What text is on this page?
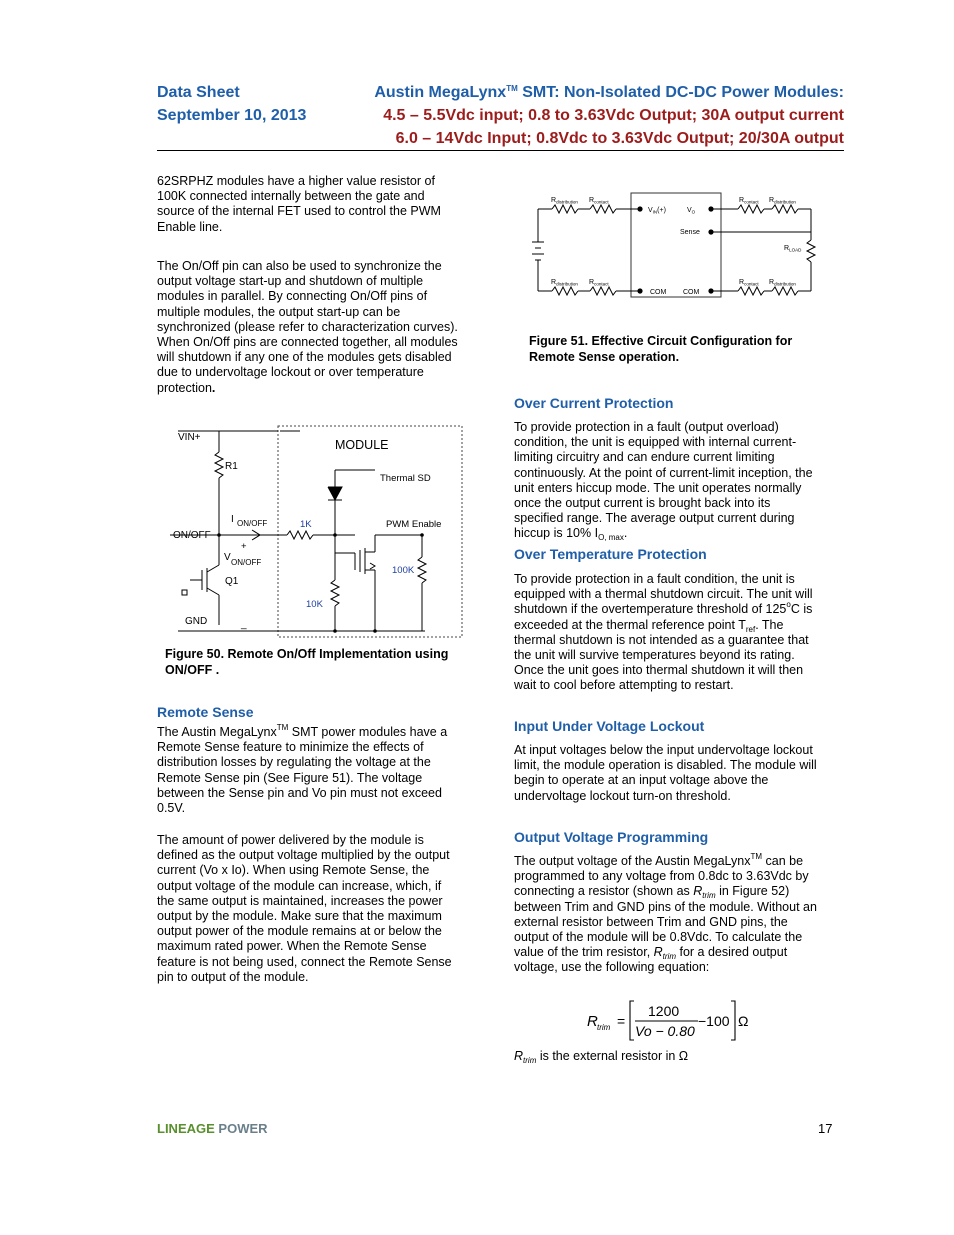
Data Sheet
September 10, 2013
Austin MegaLynx™ SMT: Non-Isolated DC-DC Power Modules:
4.5 – 5.5Vdc input; 0.8 to 3.63Vdc Output; 30A output current
6.0 – 14Vdc Input; 0.8Vdc to 3.63Vdc Output; 20/30A output

62SRPHZ modules have a higher value resistor of 100K connected internally between the gate and source of the internal FET used to control the PWM Enable line.

The On/Off pin can also be used to synchronize the output voltage start-up and shutdown of multiple modules in parallel. By connecting On/Off pins of multiple modules, the output start-up can be synchronized (please refer to characterization curves). When On/Off pins are connected together, all modules will shutdown if any one of the modules gets disabled due to undervoltage lockout or over temperature protection.

VIN+
R1
MODULE
Thermal SD
I ON/OFF	1K	PWM Enable
ON/OFF
+
V ON/OFF
100K
Q1
10K
GND	_
Figure 50. Remote On/Off Implementation using ON/OFF .
Remote Sense

The Austin MegaLynx™ SMT power modules have a Remote Sense feature to minimize the effects of distribution losses by regulating the voltage at the Remote Sense pin (See Figure 51). The voltage between the Sense pin and Vo pin must not exceed 0.5V.

The amount of power delivered by the module is defined as the output voltage multiplied by the output current (Vo x Io). When using Remote Sense, the output voltage of the module can increase, which, if the same output is maintained, increases the power output by the module. Make sure that the maximum output power of the module remains at or below the maximum rated power. When the Remote Sense feature is not being used, connect the Remote Sense pin to output of the module.

$R_{distribution}$ $R_{contact}$
$V_{IN}(+)$	$V_O$
Sense
$R_{contact}$ $R_{distribution}$
$R_{LOAD}$
$R_{distribution}$ $R_{contact}$
COM COM
$R_{contact}$ $R_{distribution}$
Figure 51. Effective Circuit Configuration for Remote Sense operation.
Over Current Protection

To provide protection in a fault (output overload) condition, the unit is equipped with internal current-limiting circuitry and can endure current limiting continuously. At the point of current-limit inception, the unit enters hiccup mode. The unit operates normally once the output current is brought back into its specified range. The average output current during hiccup is 10% $I_{O, max}$.

Over Temperature Protection

To provide protection in a fault condition, the unit is equipped with a thermal shutdown circuit. The unit will shutdown if the overtemperature threshold of 125$^o$C is exceeded at the thermal reference point $T_{ref}$. The thermal shutdown is not intended as a guarantee that the unit will survive temperatures beyond its rating. Once the unit goes into thermal shutdown it will then wait to cool before attempting to restart.

Input Under Voltage Lockout

At input voltages below the input undervoltage lockout limit, the module operation is disabled. The module will begin to operate at an input voltage above the undervoltage lockout turn-on threshold.

Output Voltage Programming

The output voltage of the Austin MegaLynx™ can be programmed to any voltage from 0.8dc to 3.63Vdc by connecting a resistor (shown as $R_{trim}$ in Figure 52) between Trim and GND pins of the module. Without an external resistor between Trim and GND pins, the output of the module will be 0.8Vdc. To calculate the value of the trim resistor, $R_{trim}$ for a desired output voltage, use the following equation:

R trim =
1200
Vo − 0.80
−100 Ω

$R_{trim}$ is the external resistor in Ω

LINEAGE POWER	17
